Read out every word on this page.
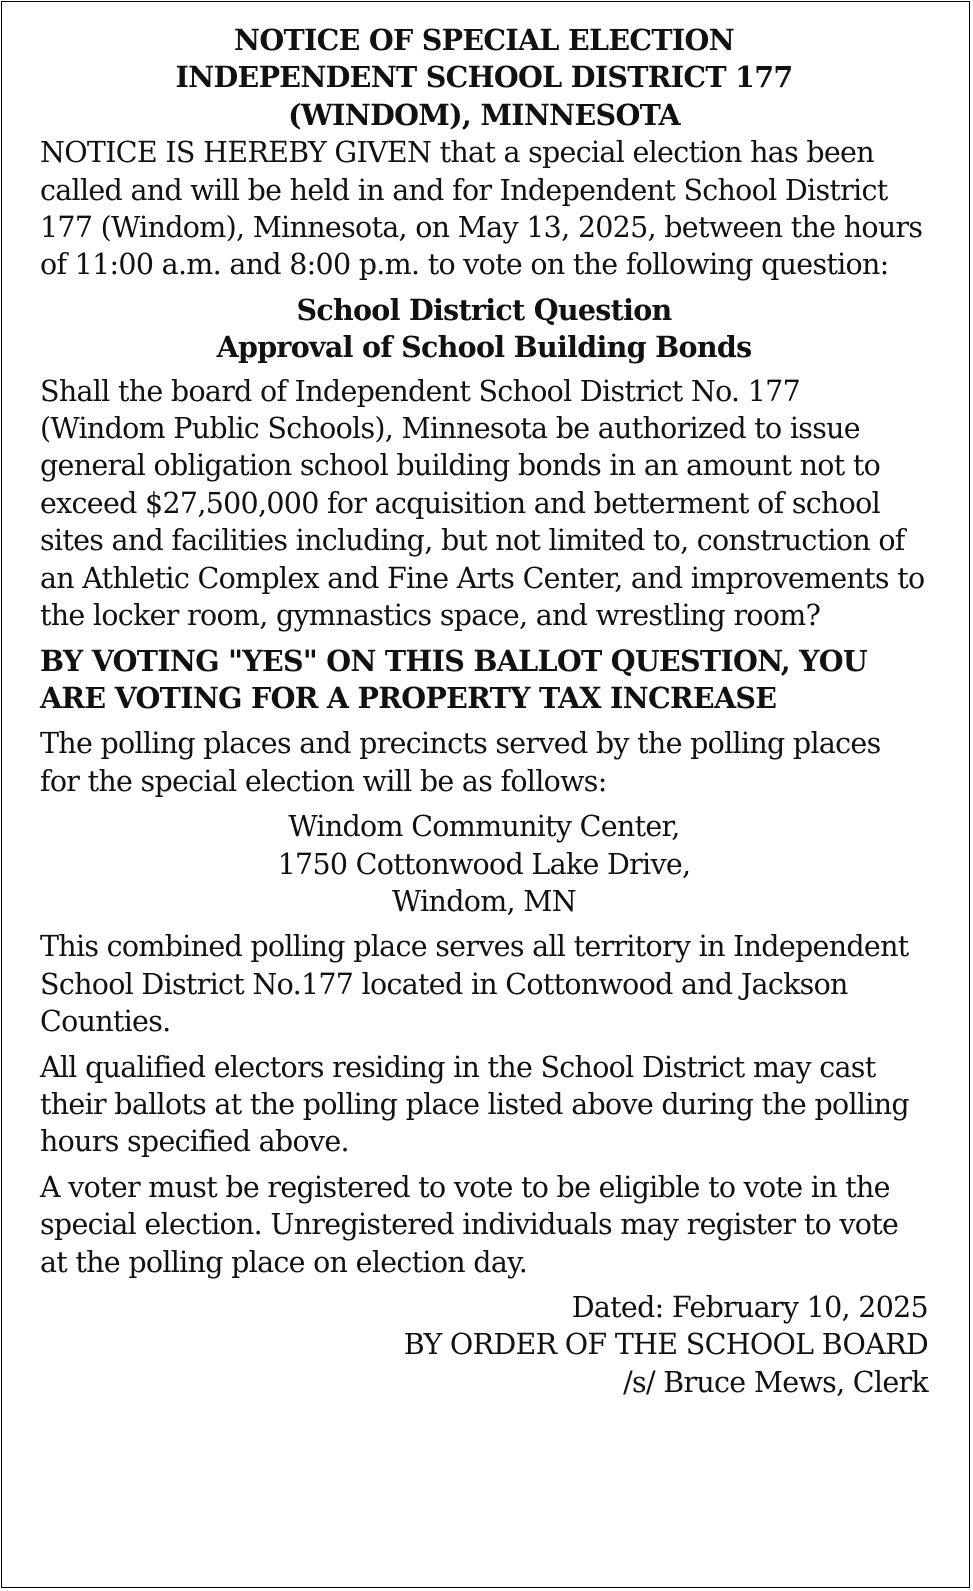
NOTICE OF SPECIAL ELECTION
INDEPENDENT SCHOOL DISTRICT 177
(WINDOM), MINNESOTA

NOTICE IS HEREBY GIVEN that a special election has been called and will be held in and for Independent School District 177 (Windom), Minnesota, on May 13, 2025, between the hours of 11:00 a.m. and 8:00 p.m. to vote on the following question:

School District Question
Approval of School Building Bonds

Shall the board of Independent School District No. 177 (Windom Public Schools), Minnesota be authorized to issue general obligation school building bonds in an amount not to exceed $27,500,000 for acquisition and betterment of school sites and facilities including, but not limited to, construction of an Athletic Complex and Fine Arts Center, and improvements to the locker room, gymnastics space, and wrestling room?

BY VOTING "YES" ON THIS BALLOT QUESTION, YOU ARE VOTING FOR A PROPERTY TAX INCREASE

The polling places and precincts served by the polling places for the special election will be as follows:

Windom Community Center,
1750 Cottonwood Lake Drive,
Windom, MN

This combined polling place serves all territory in Independent School District No.177 located in Cottonwood and Jackson Counties.

All qualified electors residing in the School District may cast their ballots at the polling place listed above during the polling hours specified above.

A voter must be registered to vote to be eligible to vote in the special election. Unregistered individuals may register to vote at the polling place on election day.

Dated: February 10, 2025
BY ORDER OF THE SCHOOL BOARD
/s/ Bruce Mews, Clerk
